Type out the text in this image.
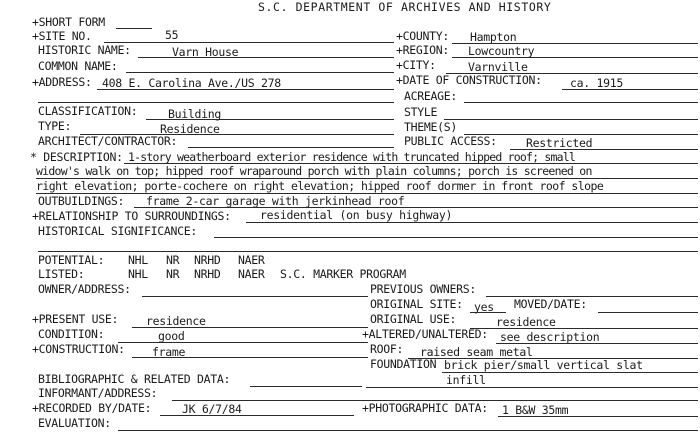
S.C. DEPARTMENT OF ARCHIVES AND HISTORY
+SHORT FORM
+SITE NO.	55	+COUNTY: Hampton
HISTORIC NAME:	Varn House	+REGION: Lowcountry
COMMON NAME:	+CITY:	Varnville
+ADDRESS: 408 E. Carolina Ave./US 278	+DATE OF CONSTRUCTION: ca. 1915
ACREAGE:
CLASSIFICATION:	Building	STYLE
TYPE:	Residence	THEME(S)
ARCHITECT/CONTRACTOR:	PUBLIC ACCESS:	Restricted
* DESCRIPTION: 1-story weatherboard exterior residence with truncated hipped roof; small
widow's walk on top; hipped roof wraparound porch with plain columns; porch is screened on
right elevation; porte-cochere on right elevation; hipped roof dormer in front roof slope
OUTBUILDINGS: frame 2-car garage with jerkinhead roof
+RELATIONSHIP TO SURROUNDINGS:	residential (on busy highway)
HISTORICAL SIGNIFICANCE:
POTENTIAL: NHL NR NRHD NAER
LISTED:	NHL NR NRHD NAER S.C. MARKER PROGRAM
OWNER/ADDRESS:	PREVIOUS OWNERS:
ORIGINAL SITE: yes MOVED/DATE:
+PRESENT USE: residence	ORIGINAL USE:	residence
CONDITION:	good	+ALTERED/UNALTERED: see description
+CONSTRUCTION: frame	ROOF: raised seam metal
FOUNDATION brick pier/small vertical slat
infill
BIBLIOGRAPHIC & RELATED DATA:
INFORMANT/ADDRESS:
+RECORDED BY/DATE:	JK 6/7/84	+PHOTOGRAPHIC DATA: 1 B&W 35mm
EVALUATION:
